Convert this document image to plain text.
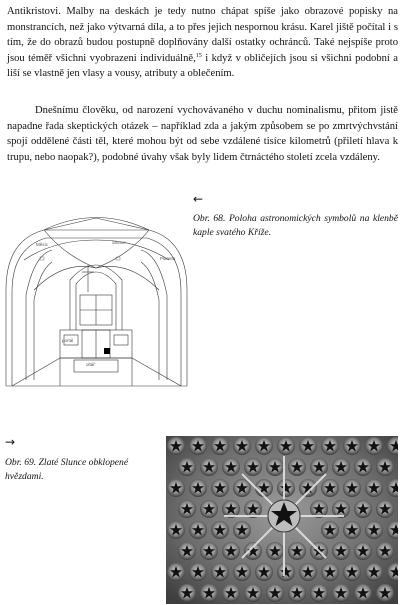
Antikristovi. Malby na deskách je tedy nutno chápat spíše jako obrazové popisky na monstrancích, než jako výtvarná díla, a to přes jejich nespornou krásu. Karel jiště počítal i s tím, že do obrazů budou postupně doplňovány další ostatky ochránců. Také nejspíše proto jsou téměř všichni vyobrazeni individuálně,$^{15}$ i když v obličejích jsou si všichni podobní a liší se vlastně jen vlasy a vousy, atributy a oblečením.

Dnešnímu člověku, od narození vychovávaného v duchu nominalismu, přitom jistě napadne řada skeptických otázek – například zda a jakým způsobem se po zmrtvýchvstání spojí oddělené části těl, které mohou být od sebe vzdálené tisíce kilometrů (přiletí hlava k trupu, nebo naopak?), podobné úvahy však byly lidem čtrnáctého století zcela vzdáleny.

←

Obr. 68. Poloha astronomických symbolů na klenbě kaple svatého Kříže.

Měsíc	Slunce
Planeta
portál
oltář
→

Obr. 69. Zlaté Slunce obklopené hvězdami.
